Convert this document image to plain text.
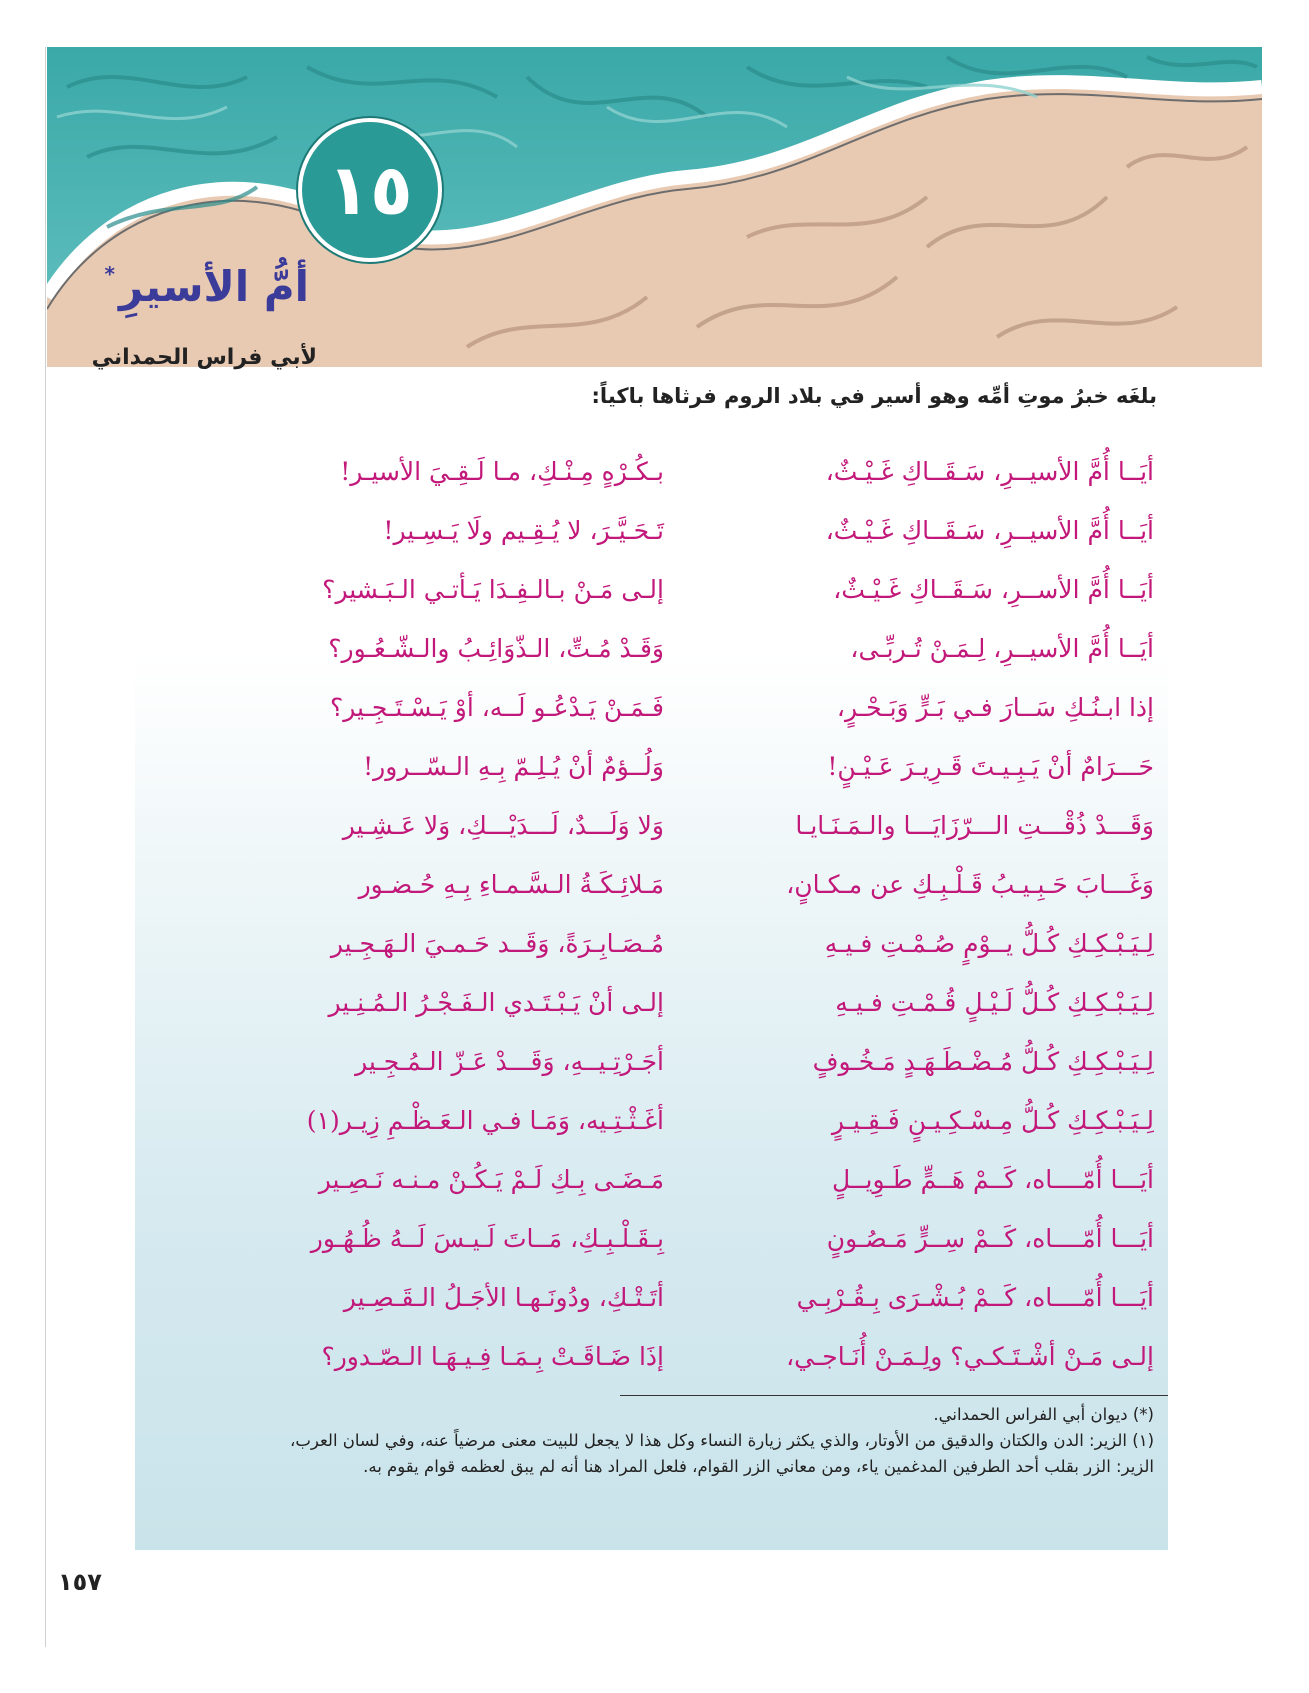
١٥
أمُّ الأسيرِ*
لأبي فراس الحمداني
بلغَه خبرُ موتِ أمِّه وهو أسير في بلاد الروم فرثاها باكياً:
أيَــا أُمَّ الأسيــرِ، سَـقَــاكِ غَـيْـثٌ،
بـكُـرْهٍ مِـنْـكِ، مـا لَـقِـيَ الأسيـر!
أيَــا أُمَّ الأسيــرِ، سَـقَــاكِ غَـيْـثٌ،
تَـحَـيَّـرَ، لا يُـقِـيم ولَا يَـسِـير!
أيَــا أُمَّ الأســرِ، سَـقَــاكِ غَـيْـثٌ،
إلـى مَـنْ بـالـفِـدَا يَـأتـي الـبَـشير؟
أيَــا أُمَّ الأسيــرِ، لِـمَـنْ تُـربِّـى،
وَقَـدْ مُـتِّ، الـذّوَائِـبُ والـشّـعُـور؟
إذا ابـنُـكِ سَــارَ فـي بَـرٍّ وَبَـحْـرٍ،
فَـمَـنْ يَـدْعُـو لَــه، أوْ يَـسْـتَـجِـير؟
حَـــرَامٌ أنْ يَـبِـيـتَ قَـرِيـرَ عَـيْـنٍ!
وَلُــؤمٌ أنْ يُـلِـمّ بِـهِ الـسّــرور!
وَقَـــدْ ذُقْـــتِ الـــرّزَايَـــا والـمَـنَـايـا
وَلا وَلَـــدٌ، لَـــدَيْـــكِ، وَلا عَـشِـير
وَغَـــابَ حَـبِـيـبُ قَـلْـبِـكِ عن مـكـانٍ،
مَـلائِـكَـةُ الـسَّـمـاءِ بِـهِ حُـضـور
لِـيَـبْـكِـكِ كُـلُّ يــوْمٍ صُـمْـتِ فـيـهِ
مُـصَـابِـرَةً، وَقَــد حَـمـيَ الـهَـجِـير
لِـيَـبْـكِـكِ كُـلُّ لَـيْـلٍ قُـمْـتِ فـيـهِ
إلـى أنْ يَـبْـتَـدي الـفَـجْـرُ الـمُـنِـير
لِـيَـبْـكِـكِ كُـلُّ مُـضْـطَـهَـدٍ مَـخُـوفٍ
أجَـرْتِـيــهِ، وَقَـــدْ عَـزّ الـمُـجِـير
لِـيَـبْـكِـكِ كُـلُّ مِـسْـكِـيـنٍ فَـقِـيـرٍ
أغَـثْـتِـيه، وَمَـا فـي الـعَـظْـمِ زِيـر(١)
أيَـــا أُمّــــاه، كَــمْ هَــمٍّ طَـوِيــلٍ
مَـضَـى بِـكِ لَـمْ يَـكُـنْ مـنـه نَـصِـير
أيَـــا أُمّــــاه، كَــمْ سِــرٍّ مَـصُـونٍ
بِـقَـلْـبِـكِ، مَــاتَ لَـيـسَ لَــهُ ظُـهُـور
أيَـــا أُمّــــاه، كَــمْ بُـشْـرَى بِـقُـرْبِـي
أتَـتْـكِ، ودُونَـهـا الأجَـلُ الـقَـصِـير
إلـى مَـنْ أشْـتَـكـي؟ ولِـمَـنْ أُنَـاجـي،
إذَا ضَـاقَـتْ بِـمَـا فِـيـهَـا الـصّـدور؟
(*) ديوان أبي الفراس الحمداني.
(١) الزير: الدن والكتان والدقيق من الأوتار، والذي يكثر زيارة النساء وكل هذا لا يجعل للبيت معنى مرضياً عنه، وفي لسان العرب،
الزير: الزر بقلب أحد الطرفين المدغمين ياء، ومن معاني الزر القوام، فلعل المراد هنا أنه لم يبق لعظمه قوام يقوم به.
١٥٧
